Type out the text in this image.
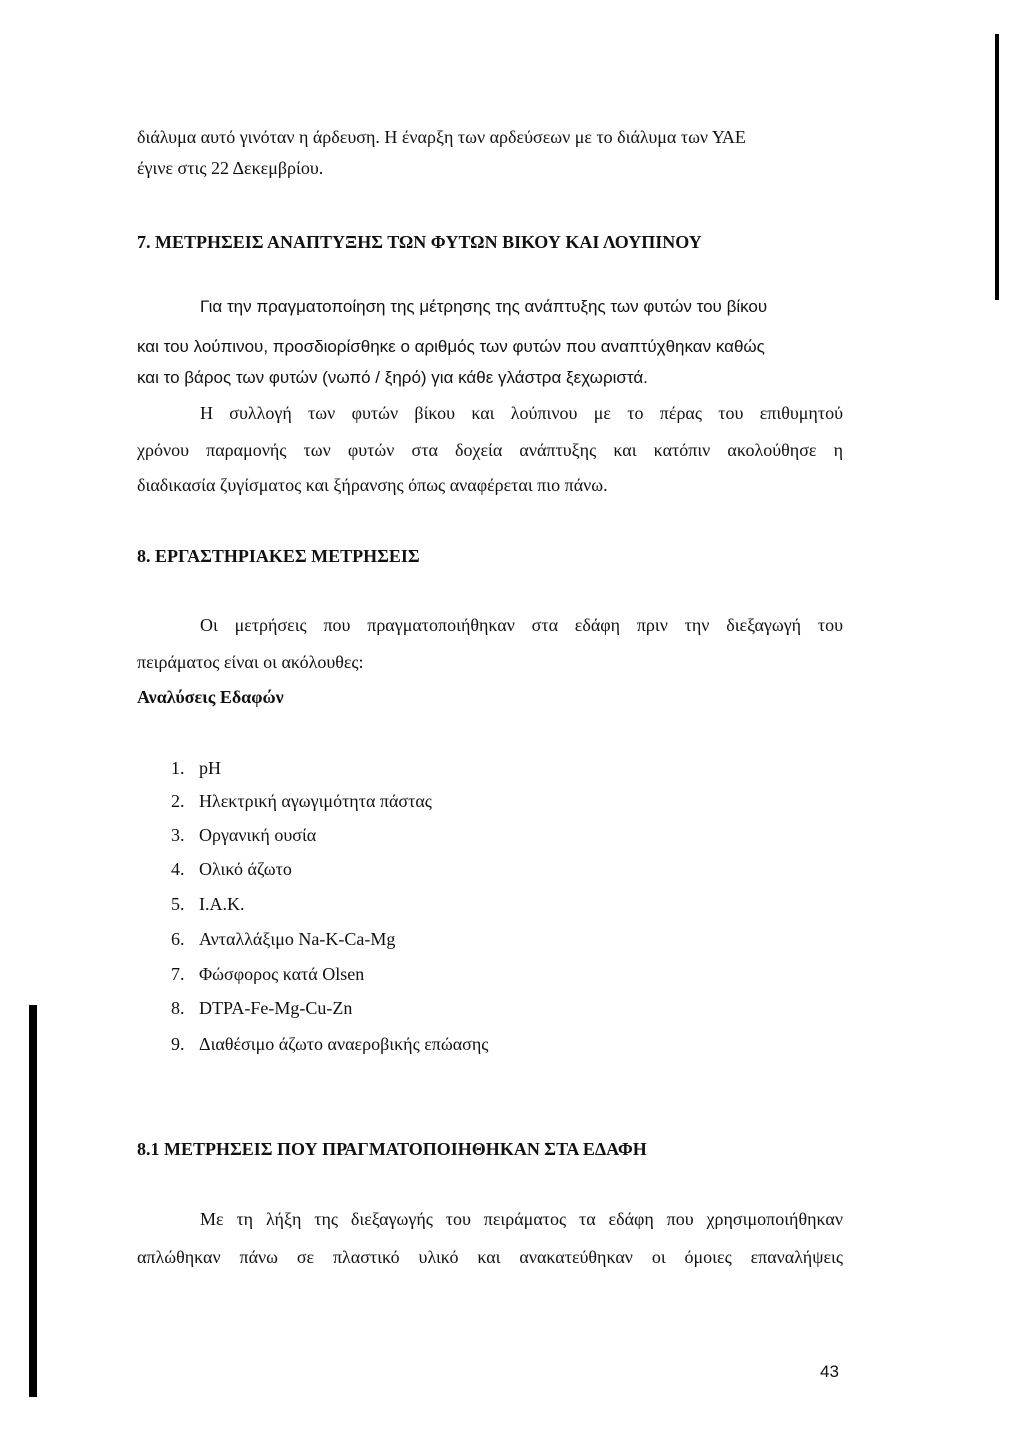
διάλυμα αυτό γινόταν η άρδευση. Η έναρξη των αρδεύσεων με το διάλυμα των ΥΑΕ
έγινε στις 22 Δεκεμβρίου.
7. ΜΕΤΡΗΣΕΙΣ ΑΝΑΠΤΥΞΗΣ ΤΩΝ ΦΥΤΩΝ ΒΙΚΟΥ ΚΑΙ ΛΟΥΠΙΝΟΥ
Για την πραγματοποίηση της μέτρησης της ανάπτυξης των φυτών του βίκου
και του λούπινου, προσδιορίσθηκε ο αριθμός των φυτών που αναπτύχθηκαν καθώς
και το βάρος των φυτών (νωπό / ξηρό) για κάθε γλάστρα ξεχωριστά.
Η συλλογή των φυτών βίκου και λούπινου με το πέρας του επιθυμητού
χρόνου παραμονής των φυτών στα δοχεία ανάπτυξης και κατόπιν ακολούθησε η
διαδικασία ζυγίσματος και ξήρανσης όπως αναφέρεται πιο πάνω.
8. ΕΡΓΑΣΤΗΡΙΑΚΕΣ ΜΕΤΡΗΣΕΙΣ
Οι μετρήσεις που πραγματοποιήθηκαν στα εδάφη πριν την διεξαγωγή του
πειράματος είναι οι ακόλουθες:
Αναλύσεις Εδαφών
1. pH
2. Ηλεκτρική αγωγιμότητα πάστας
3. Οργανική ουσία
4. Ολικό άζωτο
5. I.A.K.
6. Ανταλλάξιμο Na-K-Ca-Mg
7. Φώσφορος κατά Olsen
8. DTPA-Fe-Mg-Cu-Zn
9. Διαθέσιμο άζωτο αναεροβικής επώασης
8.1 ΜΕΤΡΗΣΕΙΣ ΠΟΥ ΠΡΑΓΜΑΤΟΠΟΙΗΘΗΚΑΝ ΣΤΑ ΕΔΑΦΗ
Με τη λήξη της διεξαγωγής του πειράματος τα εδάφη που χρησιμοποιήθηκαν
απλώθηκαν πάνω σε πλαστικό υλικό και ανακατεύθηκαν οι όμοιες επαναλήψεις
43
